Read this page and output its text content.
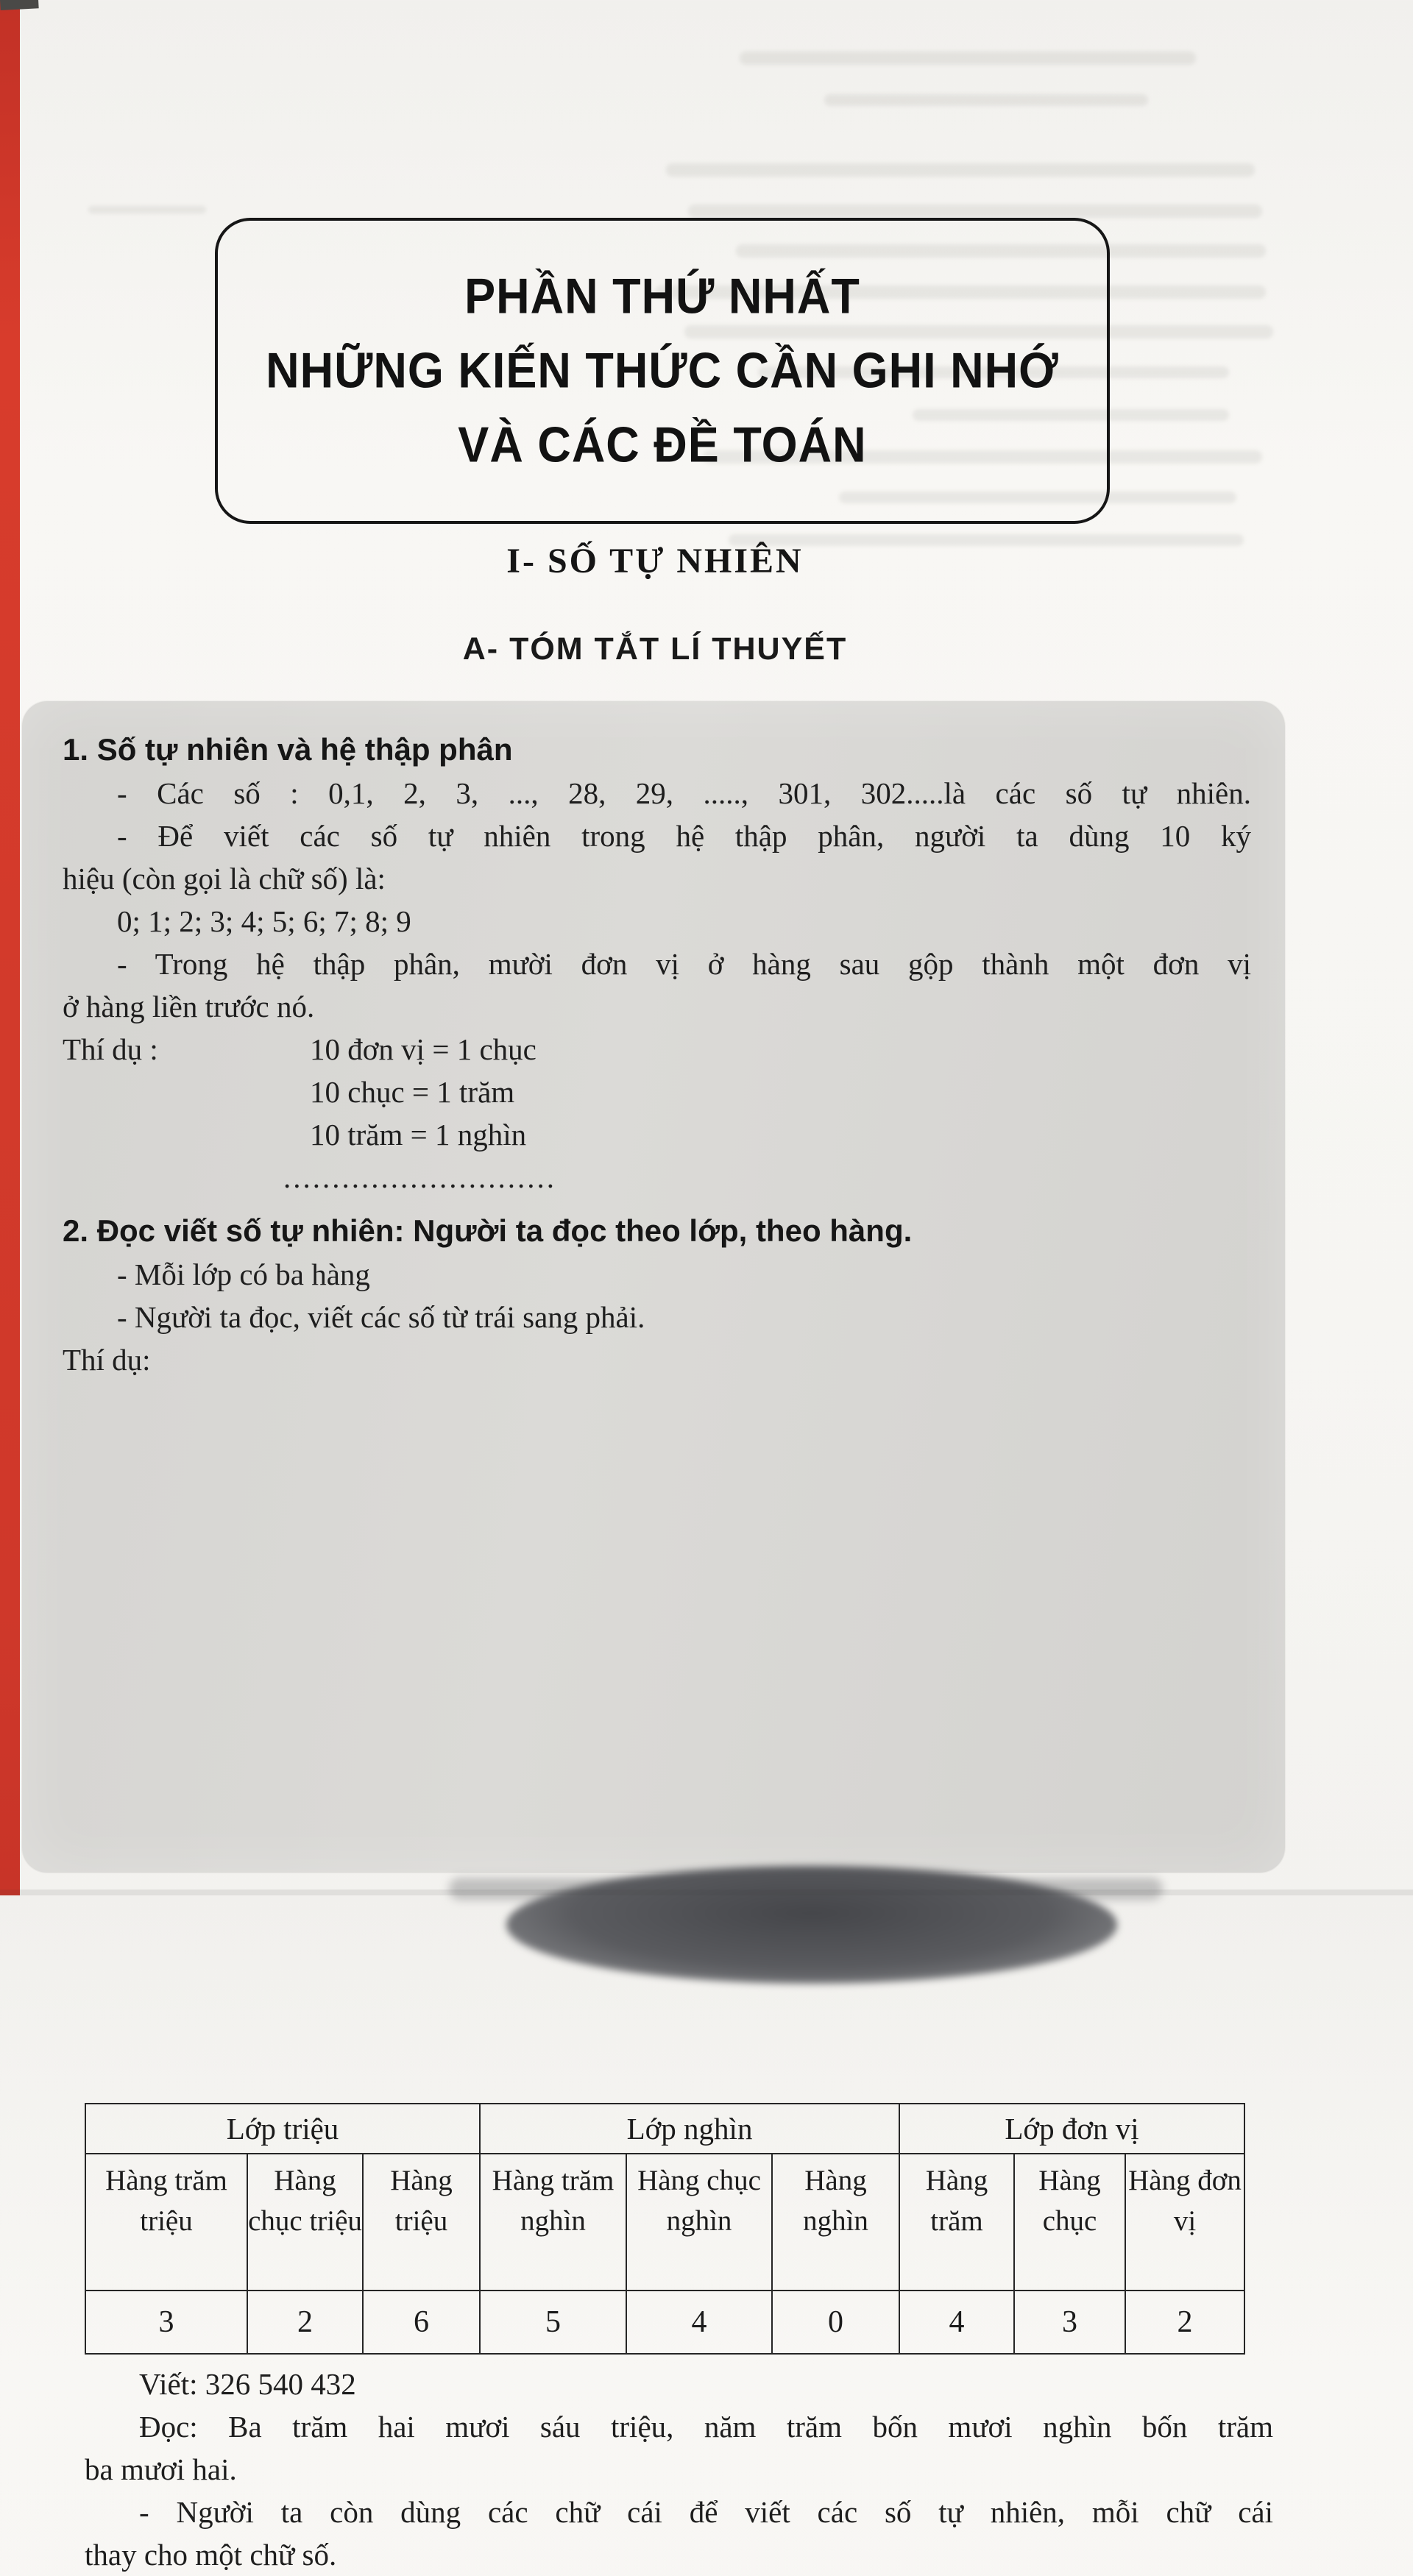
PHẦN THỨ NHẤT
NHỮNG KIẾN THỨC CẦN GHI NHỚ
VÀ CÁC ĐỀ TOÁN
I- SỐ TỰ NHIÊN
A- TÓM TẮT LÍ THUYẾT
1. Số tự nhiên và hệ thập phân
- Các số : 0,1, 2, 3, ..., 28, 29, ....., 301, 302.....là các số tự nhiên.
- Để viết các số tự nhiên trong hệ thập phân, người ta dùng 10 ký
hiệu (còn gọi là chữ số) là:
0; 1; 2; 3; 4; 5; 6; 7; 8; 9
- Trong hệ thập phân, mười đơn vị ở hàng sau gộp thành một đơn vị
ở hàng liền trước nó.
Thí dụ :	10 đơn vị = 1 chục
10 chục = 1 trăm
10 trăm = 1 nghìn
............................
2. Đọc viết số tự nhiên: Người ta đọc theo lớp, theo hàng.
- Mỗi lớp có ba hàng
- Người ta đọc, viết các số từ trái sang phải.
Thí dụ:
Lớp triệu			Lớp nghìn			Lớp đơn vị		
Hàng trăm triệu	Hàng chục triệu	Hàng triệu	Hàng trăm nghìn	Hàng chục nghìn	Hàng nghìn	Hàng trăm	Hàng chục	Hàng đơn vị
3	2	6	5	4	0	4	3	2
Viết: 326 540 432
Đọc: Ba trăm hai mươi sáu triệu, năm trăm bốn mươi nghìn bốn trăm
ba mươi hai.
- Người ta còn dùng các chữ cái để viết các số tự nhiên, mỗi chữ cái
thay cho một chữ số.
